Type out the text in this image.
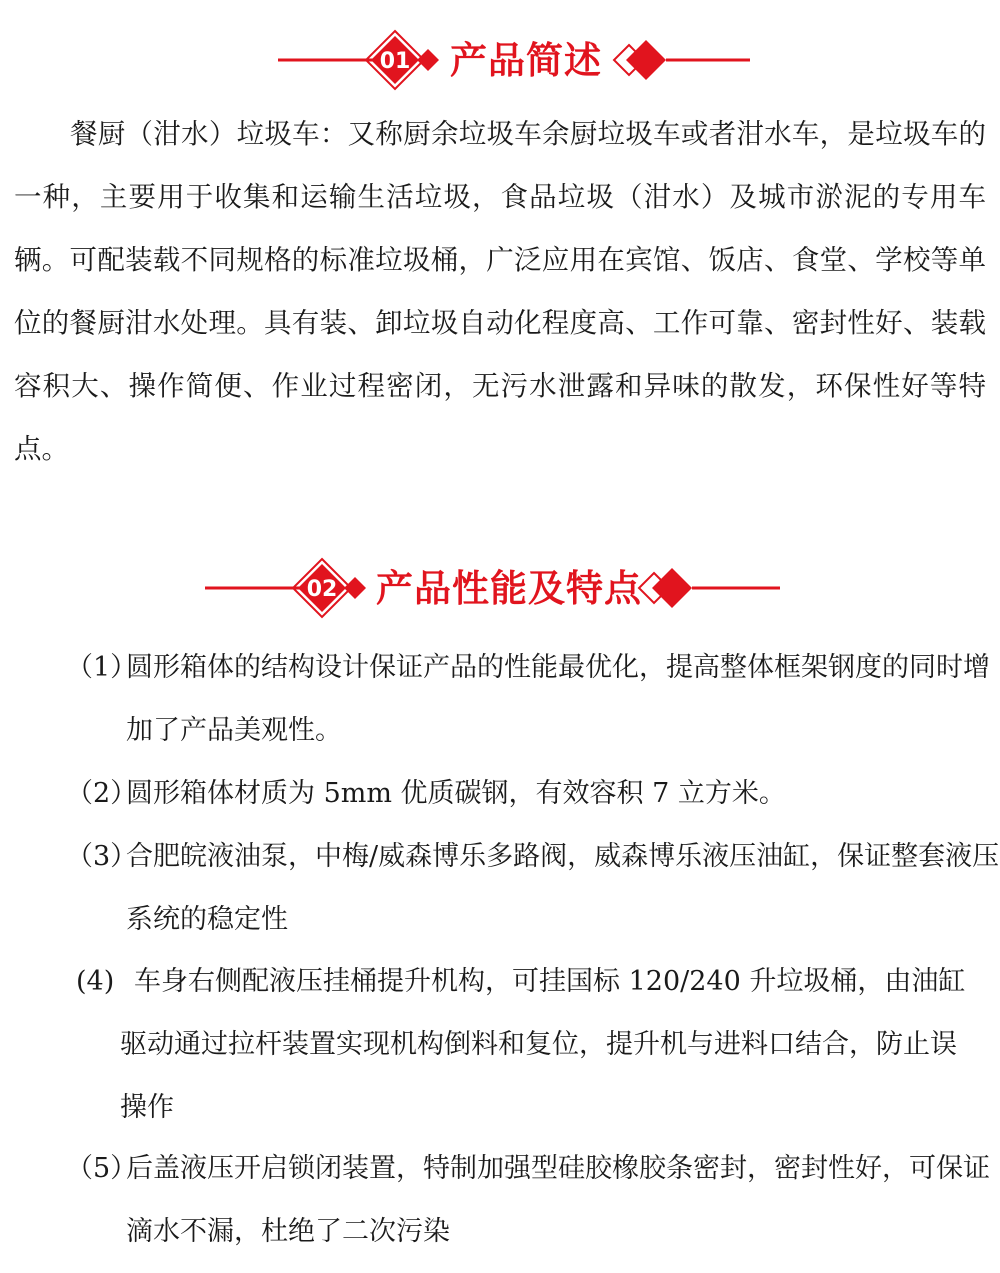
01 产品简述

餐厨（泔水）垃圾车：又称厨余垃圾车余厨垃圾车或者泔水车，是垃圾车的一种，主要用于收集和运输生活垃圾，食品垃圾（泔水）及城市淤泥的专用车辆。可配装载不同规格的标准垃圾桶，广泛应用在宾馆、饭店、食堂、学校等单位的餐厨泔水处理。具有装、卸垃圾自动化程度高、工作可靠、密封性好、装载容积大、操作简便、作业过程密闭，无污水泄露和异味的散发，环保性好等特点。

02 产品性能及特点
（1）
圆形箱体的结构设计保证产品的性能最优化，提高整体框架钢度的同时增加了产品美观性。
（2）
圆形箱体材质为 5mm 优质碳钢，有效容积 7 立方米。
（3）
合肥皖液油泵，中梅/威森博乐多路阀，威森博乐液压油缸，保证整套液压系统的稳定性
(4) 车身右侧配液压挂桶提升机构，可挂国标 120/240 升垃圾桶，由油缸驱动通过拉杆装置实现机构倒料和复位，提升机与进料口结合，防止误操作
（5）
后盖液压开启锁闭装置，特制加强型硅胶橡胶条密封，密封性好，可保证滴水不漏，杜绝了二次污染
